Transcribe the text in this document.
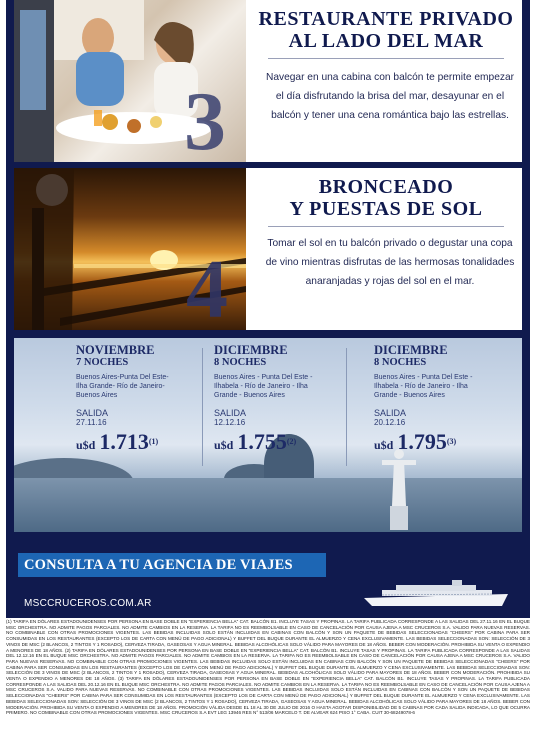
3
RESTAURANTE PRIVADO
AL LADO DEL MAR
Navegar en una cabina con balcón te permite empezar el día disfrutando la brisa del mar, desayunar en el balcón y tener una cena romántica bajo las estrellas.
4
BRONCEADO
Y PUESTAS DE SOL
Tomar el sol en tu balcón privado o degustar una copa de vino mientras disfrutas de las hermosas tonalidades anaranjadas y rojas del sol en el mar.
NOVIEMBRE
7 NOCHES
Buenos Aires-Punta Del Este-Ilha Grande- Río de Janeiro-Buenos Aires
SALIDA
27.11.16
u$d 1.713$^{(1)}$
DICIEMBRE
8 NOCHES
Buenos Aires - Punta Del Este - Ilhabela - Río de Janeiro - Ilha Grande - Buenos Aires
SALIDA
12.12.16
u$d 1.755$^{(2)}$
DICIEMBRE
8 NOCHES
Buenos Aires - Punta Del Este - Ilhabela - Río de Janeiro - Ilha Grande - Buenos Aires
SALIDA
20.12.16
u$d 1.795$^{(3)}$
CONSULTA A TU AGENCIA DE VIAJES
MSCCRUCEROS.COM.AR
(1) TARIFA EN DÓLARES ESTADOUNIDENSES POR PERSONA EN BASE DOBLE EN "EXPERIENCIA BELLA" CAT. BALCÓN B1. INCLUYE TASAS Y PROPINAS. LA TARIFA PUBLICADA CORRESPONDE A LAS SALIDAS DEL 27.11.16 EN EL BUQUE MSC ORCHESTRA. NO ADMITE PAGOS PARCIALES. NO ADMITE CAMBIOS EN LA RESERVA. LA TARIFA NO ES REEMBOLSABLE EN CASO DE CANCELACIÓN POR CAUSA AJENA A MSC CRUCEROS S.A. VALIDO PARA NUEVAS RESERVAS. NO COMBINABLE CON OTRAS PROMOCIONES VIGENTES. LAS BEBIDAS INCLUIDAS SOLO ESTÁN INCLUIDAS EN CABINAS CON BALCÓN Y SON UN PAQUETE DE BEBIDAS SELECCIONADAS "CHEERS" POR CABINA PARA SER CONSUMIDAS EN LOS RESTAURANTES (EXCEPTO LOS DE CARTA CON MENÚ DE PAGO ADICIONAL) Y BUFFET DEL BUQUE DURANTE EL ALMUERZO Y CENA EXCLUSIVAMENTE. LAS BEBIDAS SELECCIONADAS SON: SELECCIÓN DE 3 VINOS DE MSC (2 BLANCOS, 2 TINTOS Y 1 ROSADO), CERVEZA TIRADA, GASEOSAS Y AGUA MINERAL. BEBIDAS ALCOHÓLICAS SOLO VÁLIDO PARA MAYORES DE 18 AÑOS. BEBER CON MODERACIÓN. PROHIBIDA SU VENTA O EXPENDIO A MENORES DE 18 AÑOS. (2) TARIFA EN DÓLARES ESTADOUNIDENSES POR PERSONA EN BASE DOBLE EN "EXPERIENCIA BELLA" CAT. BALCÓN B1. INCLUYE TASAS Y PROPINAS. LA TARIFA PUBLICADA CORRESPONDE A LAS SALIDAS DEL 12.12.16 EN EL BUQUE MSC ORCHESTRA. NO ADMITE PAGOS PARCIALES. NO ADMITE CAMBIOS EN LA RESERVA. LA TARIFA NO ES REEMBOLSABLE EN CASO DE CANCELACIÓN POR CAUSA AJENA A MSC CRUCEROS S.A. VALIDO PARA NUEVAS RESERVAS. NO COMBINABLE CON OTRAS PROMOCIONES VIGENTES. LAS BEBIDAS INCLUIDAS SOLO ESTÁN INCLUIDAS EN CABINAS CON BALCÓN Y SON UN PAQUETE DE BEBIDAS SELECCIONADAS "CHEERS" POR CABINA PARA SER CONSUMIDAS EN LOS RESTAURANTES (EXCEPTO LOS DE CARTA CON MENÚ DE PAGO ADICIONAL) Y BUFFET DEL BUQUE DURANTE EL ALMUERZO Y CENA EXCLUSIVAMENTE. LAS BEBIDAS SELECCIONADAS SON: SELECCIÓN DE 3 VINOS DE MSC (2 BLANCOS, 2 TINTOS Y 1 ROSADO), CERVEZA TIRADA, GASEOSAS Y AGUA MINERAL. BEBIDAS ALCOHÓLICAS SOLO VÁLIDO PARA MAYORES DE 18 AÑOS. BEBER CON MODERACIÓN. PROHIBIDA SU VENTA O EXPENDIO A MENORES DE 18 AÑOS. (3) TARIFA EN DÓLARES ESTADOUNIDENSES POR PERSONA EN BASE DOBLE EN "EXPERIENCIA BELLA" CAT. BALCÓN B1. INCLUYE TASAS Y PROPINAS. LA TARIFA PUBLICADA CORRESPONDE A LAS SALIDAS DEL 20.12.16 EN EL BUQUE MSC ORCHESTRA. NO ADMITE PAGOS PARCIALES. NO ADMITE CAMBIOS EN LA RESERVA. LA TARIFA NO ES REEMBOLSABLE EN CASO DE CANCELACIÓN POR CAUSA AJENA A MSC CRUCEROS S.A. VALIDO PARA NUEVAS RESERVAS. NO COMBINABLE CON OTRAS PROMOCIONES VIGENTES. LAS BEBIDAS INCLUIDAS SOLO ESTÁN INCLUIDAS EN CABINAS CON BALCÓN Y SON UN PAQUETE DE BEBIDAS SELECCIONADAS "CHEERS" POR CABINA PARA SER CONSUMIDAS EN LOS RESTAURANTES (EXCEPTO LOS DE CARTA CON MENÚ DE PAGO ADICIONAL) Y BUFFET DEL BUQUE DURANTE EL ALMUERZO Y CENA EXCLUSIVAMENTE. LAS BEBIDAS SELECCIONADAS SON: SELECCIÓN DE 3 VINOS DE MSC (2 BLANCOS, 2 TINTOS Y 1 ROSADO), CERVEZA TIRADA, GASEOSAS Y AGUA MINERAL. BEBIDAS ALCOHÓLICAS SOLO VÁLIDO PARA MAYORES DE 18 AÑOS. BEBER CON MODERACIÓN. PROHIBIDA SU VENTA O EXPENDIO A MENORES DE 18 AÑOS. PROMOCIÓN VÁLIDA DESDE EL 18 AL 30 DE JULIO DE 2016 O HASTA AGOTAR DISPONIBILIDAD DE 5 CABINAS POR CADA SALIDA INDICADA, LO QUE OCURRA PRIMERO. NO COMBINABLE CON OTRAS PROMOCIONES VIGENTES. MSC CRUCEROS S.A EVT LEG 13946 RES N° 513/06 MARCELO T. DE ALVEAR 624 PISO 1° CABA. CUIT 30-68249078-6
